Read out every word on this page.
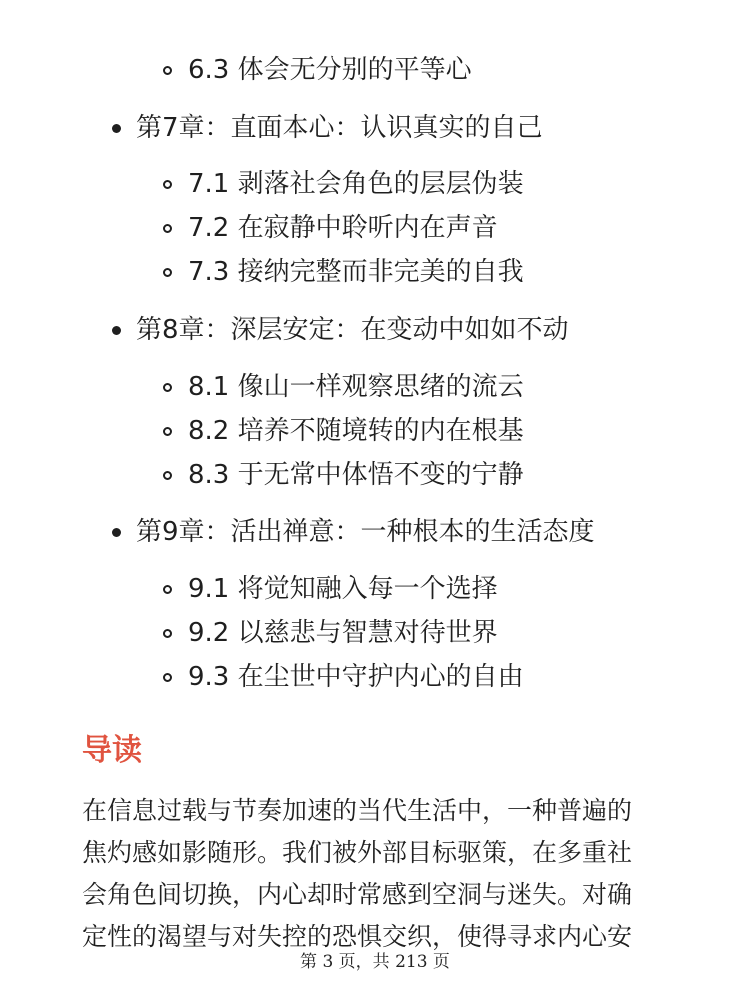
6.3 体会无分别的平等心
第7章：直面本心：认识真实的自己
7.1 剥落社会角色的层层伪装
7.2 在寂静中聆听内在声音
7.3 接纳完整而非完美的自我
第8章：深层安定：在变动中如如不动
8.1 像山一样观察思绪的流云
8.2 培养不随境转的内在根基
8.3 于无常中体悟不变的宁静
第9章：活出禅意：一种根本的生活态度
9.1 将觉知融入每一个选择
9.2 以慈悲与智慧对待世界
9.3 在尘世中守护内心的自由
导读
在信息过载与节奏加速的当代生活中，一种普遍的
焦灼感如影随形。我们被外部目标驱策，在多重社
会角色间切换，内心却时常感到空洞与迷失。对确
定性的渴望与对失控的恐惧交织，使得寻求内心安
第 3 页，共 213 页
